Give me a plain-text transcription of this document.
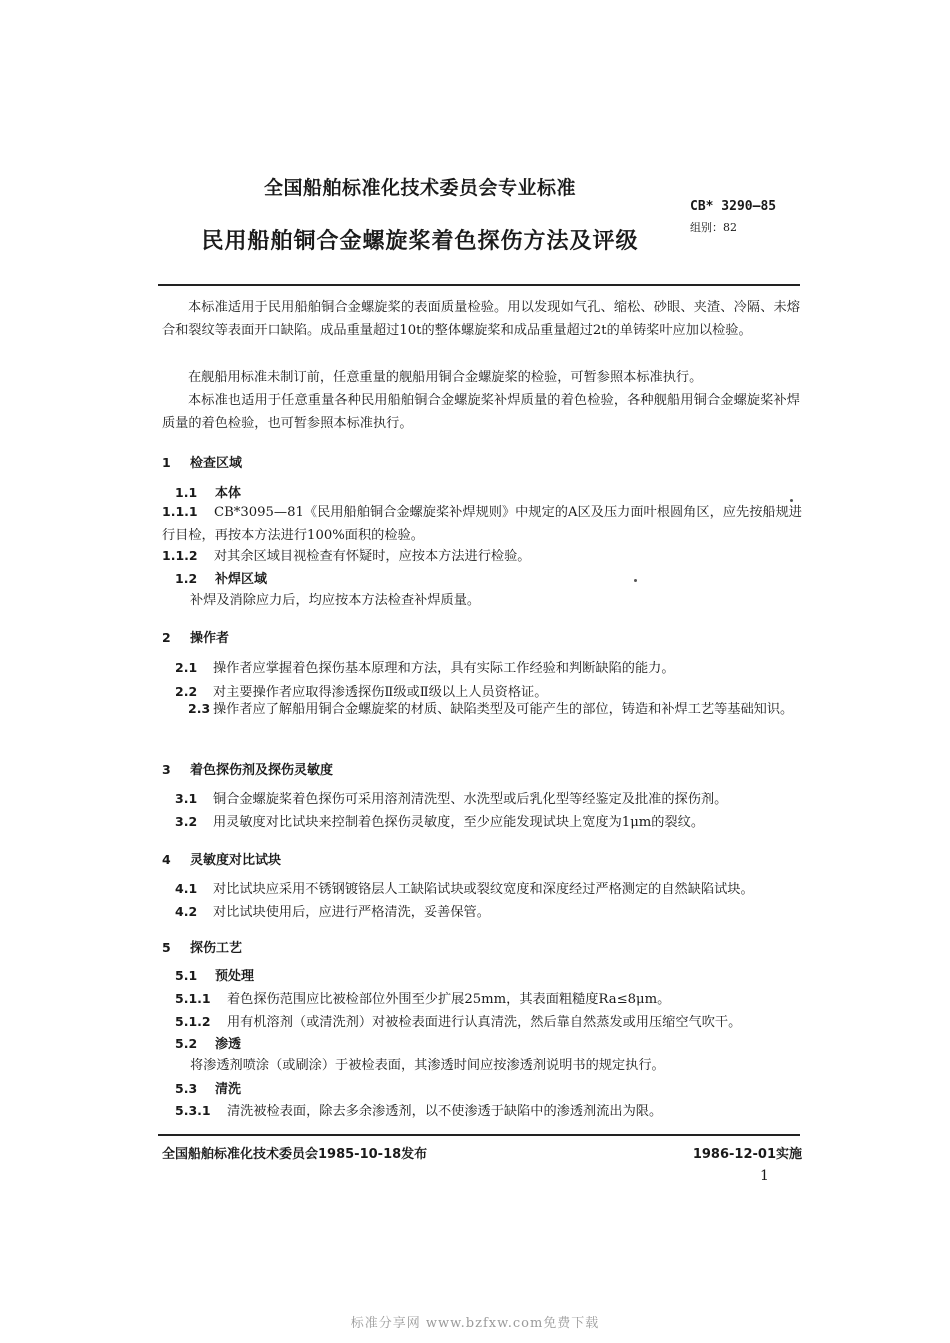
全国船舶标准化技术委员会专业标准
CB* 3290—85
组别：82
民用船舶铜合金螺旋桨着色探伤方法及评级

本标准适用于民用船舶铜合金螺旋桨的表面质量检验。用以发现如气孔、缩松、砂眼、夹渣、冷隔、未熔合和裂纹等表面开口缺陷。成品重量超过10t的整体螺旋桨和成品重量超过2t的单铸桨叶应加以检验。

在舰船用标准未制订前，任意重量的舰船用铜合金螺旋桨的检验，可暂参照本标准执行。

本标准也适用于任意重量各种民用船舶铜合金螺旋桨补焊质量的着色检验，各种舰船用铜合金螺旋桨补焊质量的着色检验，也可暂参照本标准执行。

1 检查区域
1.1 本体
1.1.1 CB*3095—81《民用船舶铜合金螺旋桨补焊规则》中规定的A区及压力面叶根圆角区，应先按船规进行目检，再按本方法进行100%面积的检验。
1.1.2 对其余区域目视检查有怀疑时，应按本方法进行检验。
1.2 补焊区域
补焊及消除应力后，均应按本方法检查补焊质量。
2 操作者
2.1 操作者应掌握着色探伤基本原理和方法，具有实际工作经验和判断缺陷的能力。
2.2 对主要操作者应取得渗透探伤Ⅱ级或Ⅱ级以上人员资格证。
2.3 操作者应了解船用铜合金螺旋桨的材质、缺陷类型及可能产生的部位，铸造和补焊工艺等基础知识。
3 着色探伤剂及探伤灵敏度
3.1 铜合金螺旋桨着色探伤可采用溶剂清洗型、水洗型或后乳化型等经鉴定及批准的探伤剂。
3.2 用灵敏度对比试块来控制着色探伤灵敏度，至少应能发现试块上宽度为1μm的裂纹。
4 灵敏度对比试块
4.1 对比试块应采用不锈钢镀铬层人工缺陷试块或裂纹宽度和深度经过严格测定的自然缺陷试块。
4.2 对比试块使用后，应进行严格清洗，妥善保管。
5 探伤工艺
5.1 预处理
5.1.1 着色探伤范围应比被检部位外围至少扩展25mm，其表面粗糙度Ra≤8μm。
5.1.2 用有机溶剂（或清洗剂）对被检表面进行认真清洗，然后靠自然蒸发或用压缩空气吹干。
5.2 渗透
将渗透剂喷涂（或刷涂）于被检表面，其渗透时间应按渗透剂说明书的规定执行。
5.3 清洗
5.3.1 清洗被检表面，除去多余渗透剂，以不使渗透于缺陷中的渗透剂流出为限。
全国船舶标准化技术委员会1985-10-18发布	1986-12-01实施
1
标准分享网 www.bzfxw.com免费下载
